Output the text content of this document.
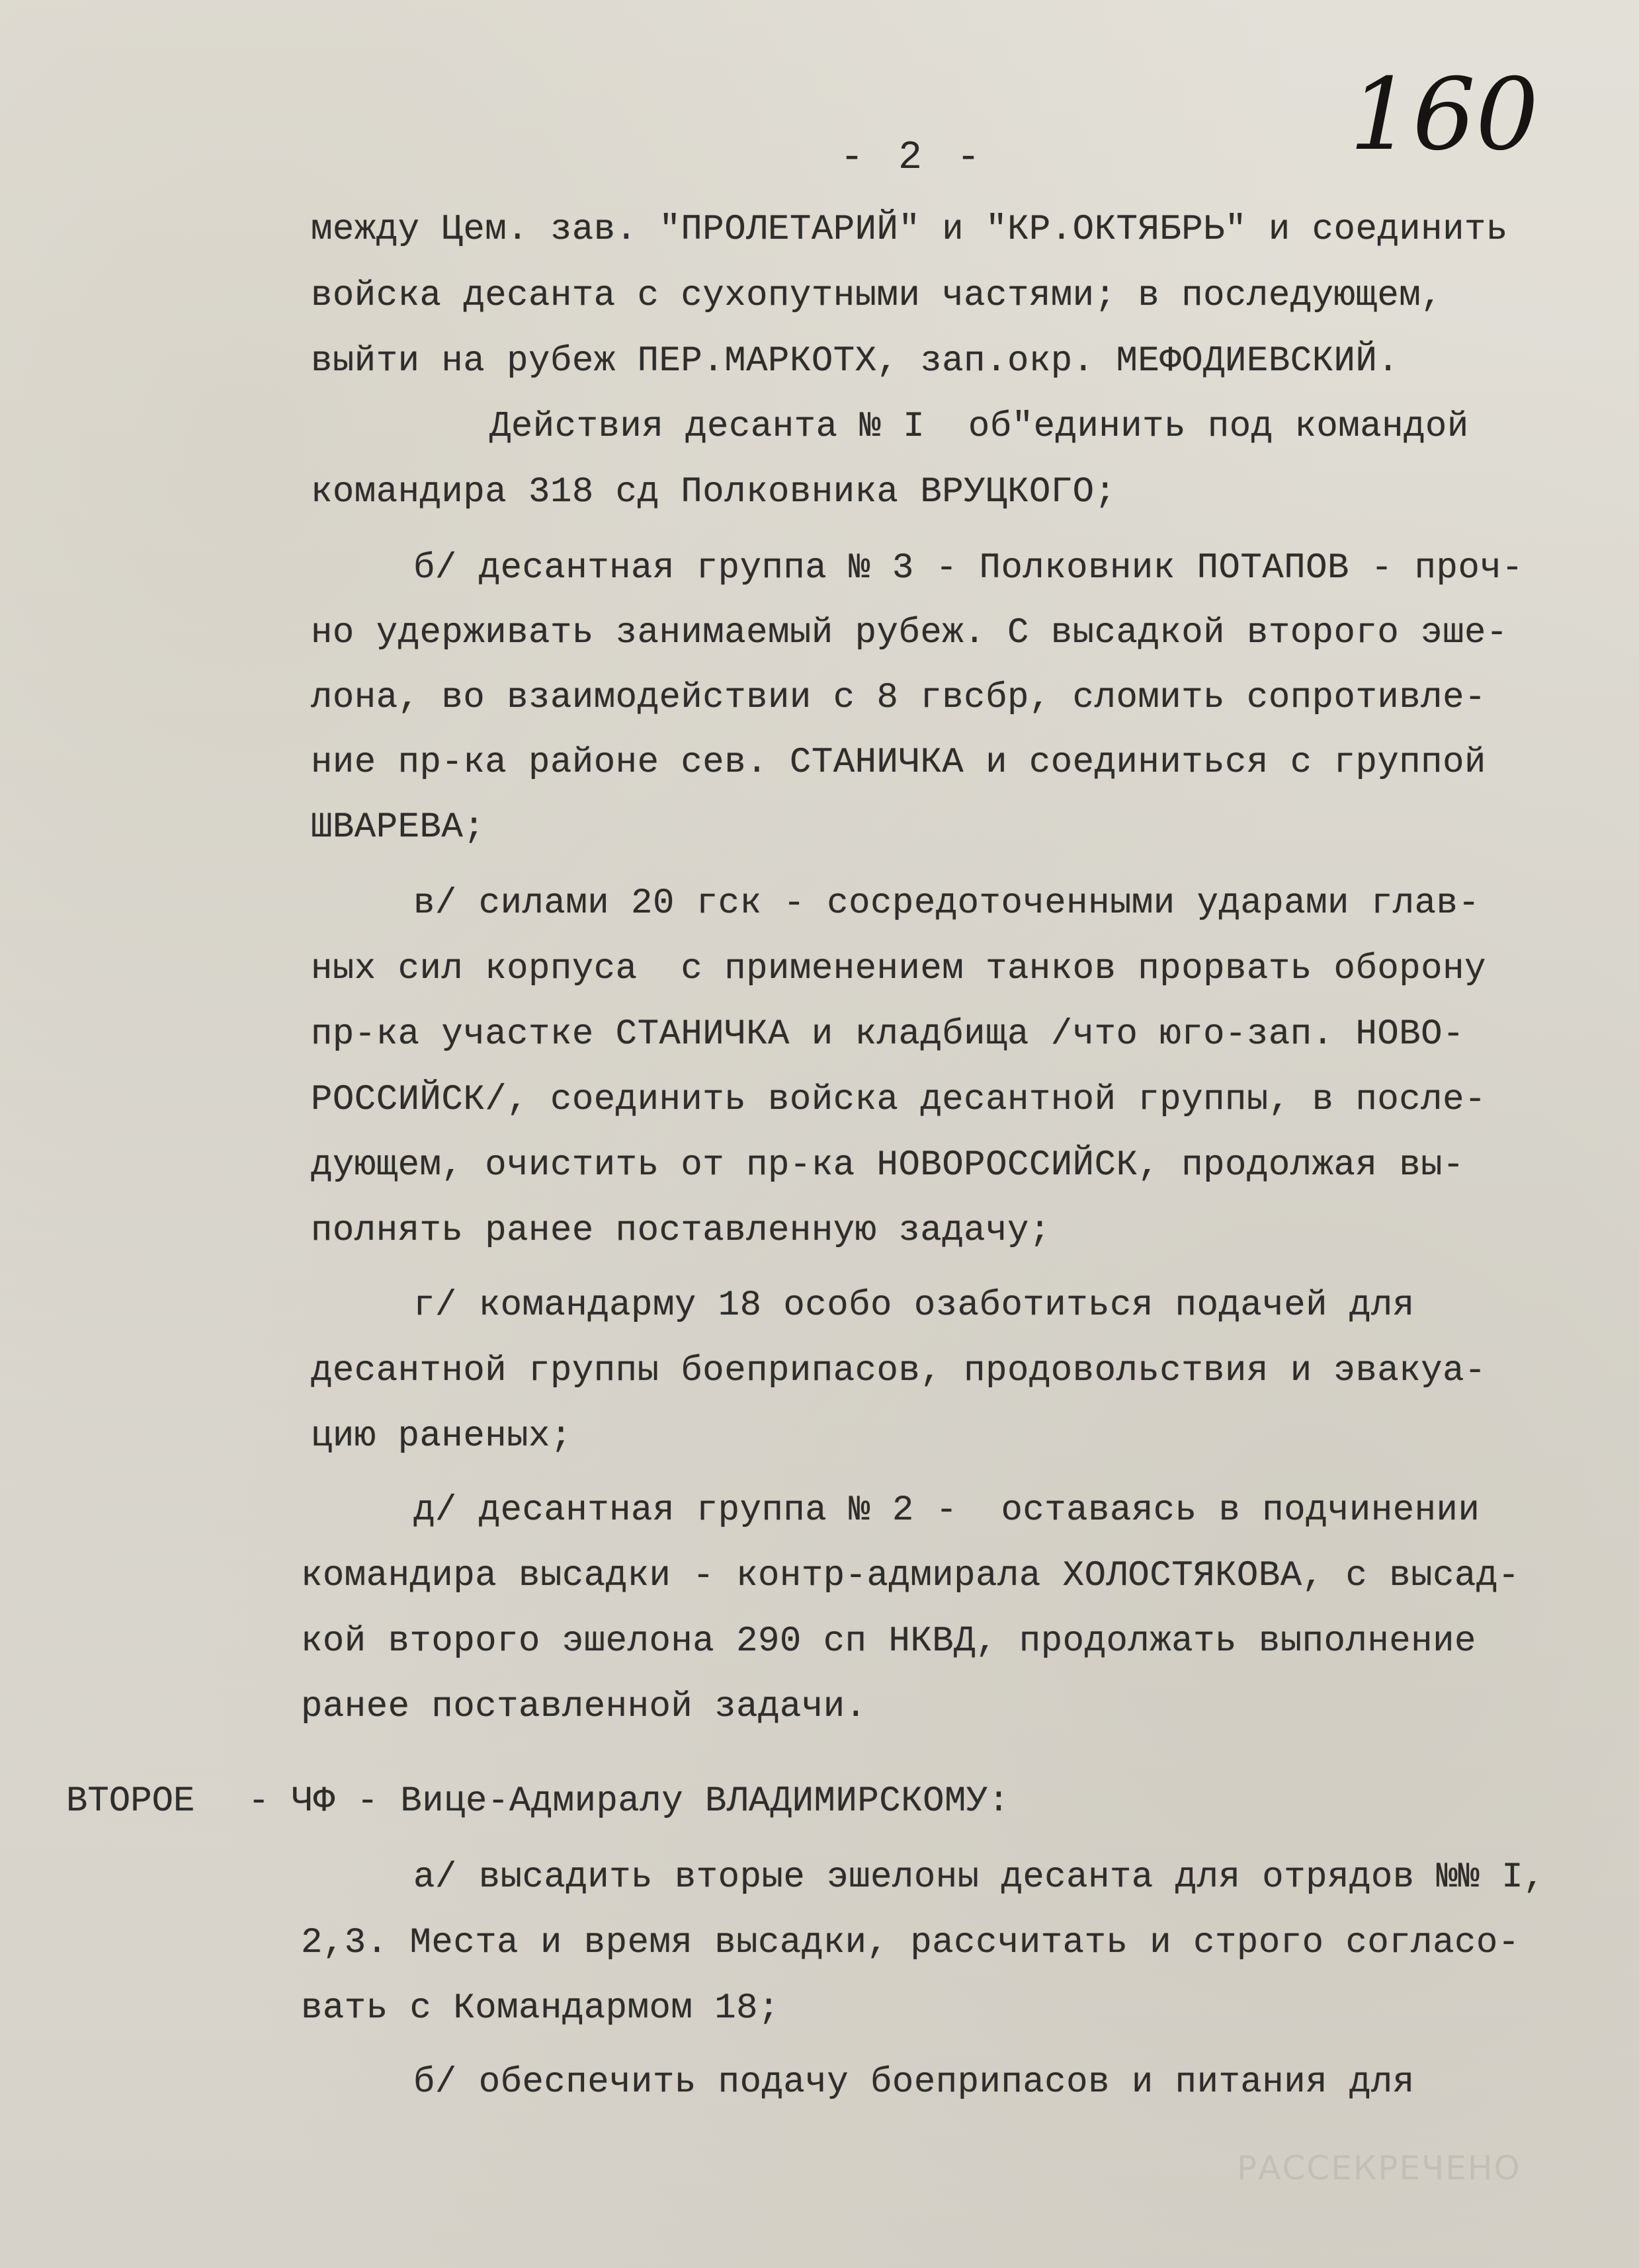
160
- 2 -
между Цем. зав. "ПРОЛЕТАРИЙ" и "КР.ОКТЯБРЬ" и соединить
войска десанта с сухопутными частями; в последующем,
выйти на рубеж ПЕР.МАРКОТХ, зап.окр. МЕФОДИЕВСКИЙ.
Действия десанта № I  об"единить под командой
командира 318 сд Полковника ВРУЦКОГО;
б/ десантная группа № 3 - Полковник ПОТАПОВ - проч-
но удерживать занимаемый рубеж. С высадкой второго эше-
лона, во взаимодействии с 8 гвсбр, сломить сопротивле-
ние пр-ка районе сев. СТАНИЧКА и соединиться с группой
ШВАРЕВА;
в/ силами 20 гск - сосредоточенными ударами глав-
ных сил корпуса  с применением танков прорвать оборону
пр-ка участке СТАНИЧКА и кладбища /что юго-зап. НОВО-
РОССИЙСК/, соединить войска десантной группы, в после-
дующем, очистить от пр-ка НОВОРОССИЙСК, продолжая вы-
полнять ранее поставленную задачу;
г/ командарму 18 особо озаботиться подачей для
десантной группы боеприпасов, продовольствия и эвакуа-
цию раненых;
д/ десантная группа № 2 -  оставаясь в подчинении
командира высадки - контр-адмирала ХОЛОСТЯКОВА, с высад-
кой второго эшелона 290 сп НКВД, продолжать выполнение
ранее поставленной задачи.
ВТОРОЕ - ЧФ - Вице-Адмиралу ВЛАДИМИРСКОМУ:
а/ высадить вторые эшелоны десанта для отрядов №№ I,
2,3. Места и время высадки, рассчитать и строго согласо-
вать с Командармом 18;
б/ обеспечить подачу боеприпасов и питания для
РАССЕКРЕЧЕНО
